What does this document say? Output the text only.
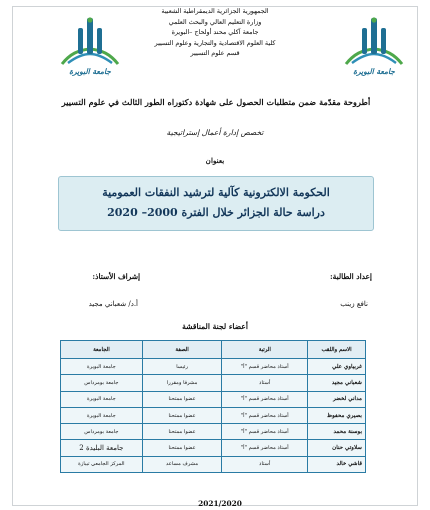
الجمهورية الجزائرية الديمقراطية الشعبية
وزارة التعليم العالي والبحث العلمي
جامعة آكلي محند أولحاج –البويرة
كلية العلوم الاقتصادية والتجارية وعلوم التسيير
قسم علوم التسيير
جامعة البويرة	جامعة البويرة
أطروحة مقدّمة ضمن متطلبات الحصول على شهادة دكتوراه الطور الثالث في علوم التسيير
تخصص إدارة أعمال إستراتيجية
بعنوان
الحكومة الالكترونية كآلية لترشيد النفقات العمومية
دراسة حالة الجزائر خلال الفترة 2000– 2020
إعداد الطالبة:
إشراف الأستاذ:
نافع زينب
أ.د/ شعباني مجيد
أعضاء لجنة المناقشة
الاسم واللقب	الرتبة	الصفة	الجامعة
غربياوي علي	أستاذ محاضر قسم "أ"	رئيسا	جامعة البويرة
شعباني مجيد	أستاذ	مشرفا ومقررا	جامعة بومرداس
مداني لخضر	أستاذ محاضر قسم "أ"	عضوا ممتحنا	جامعة البويرة
بصيري محفوظ	أستاذ محاضر قسم "أ"	عضوا ممتحنا	جامعة البويرة
بوسنة محمد	أستاذ محاضر قسم "أ"	عضوا ممتحنا	جامعة بومرداس
سلاوتي حنان	أستاذ محاضر قسم "أ"	عضوا ممتحنا	جامعة البليدة 2
قاشي خالد	أستاذ	مشرف مساعد	المركز الجامعي تيبازة
2021/2020
